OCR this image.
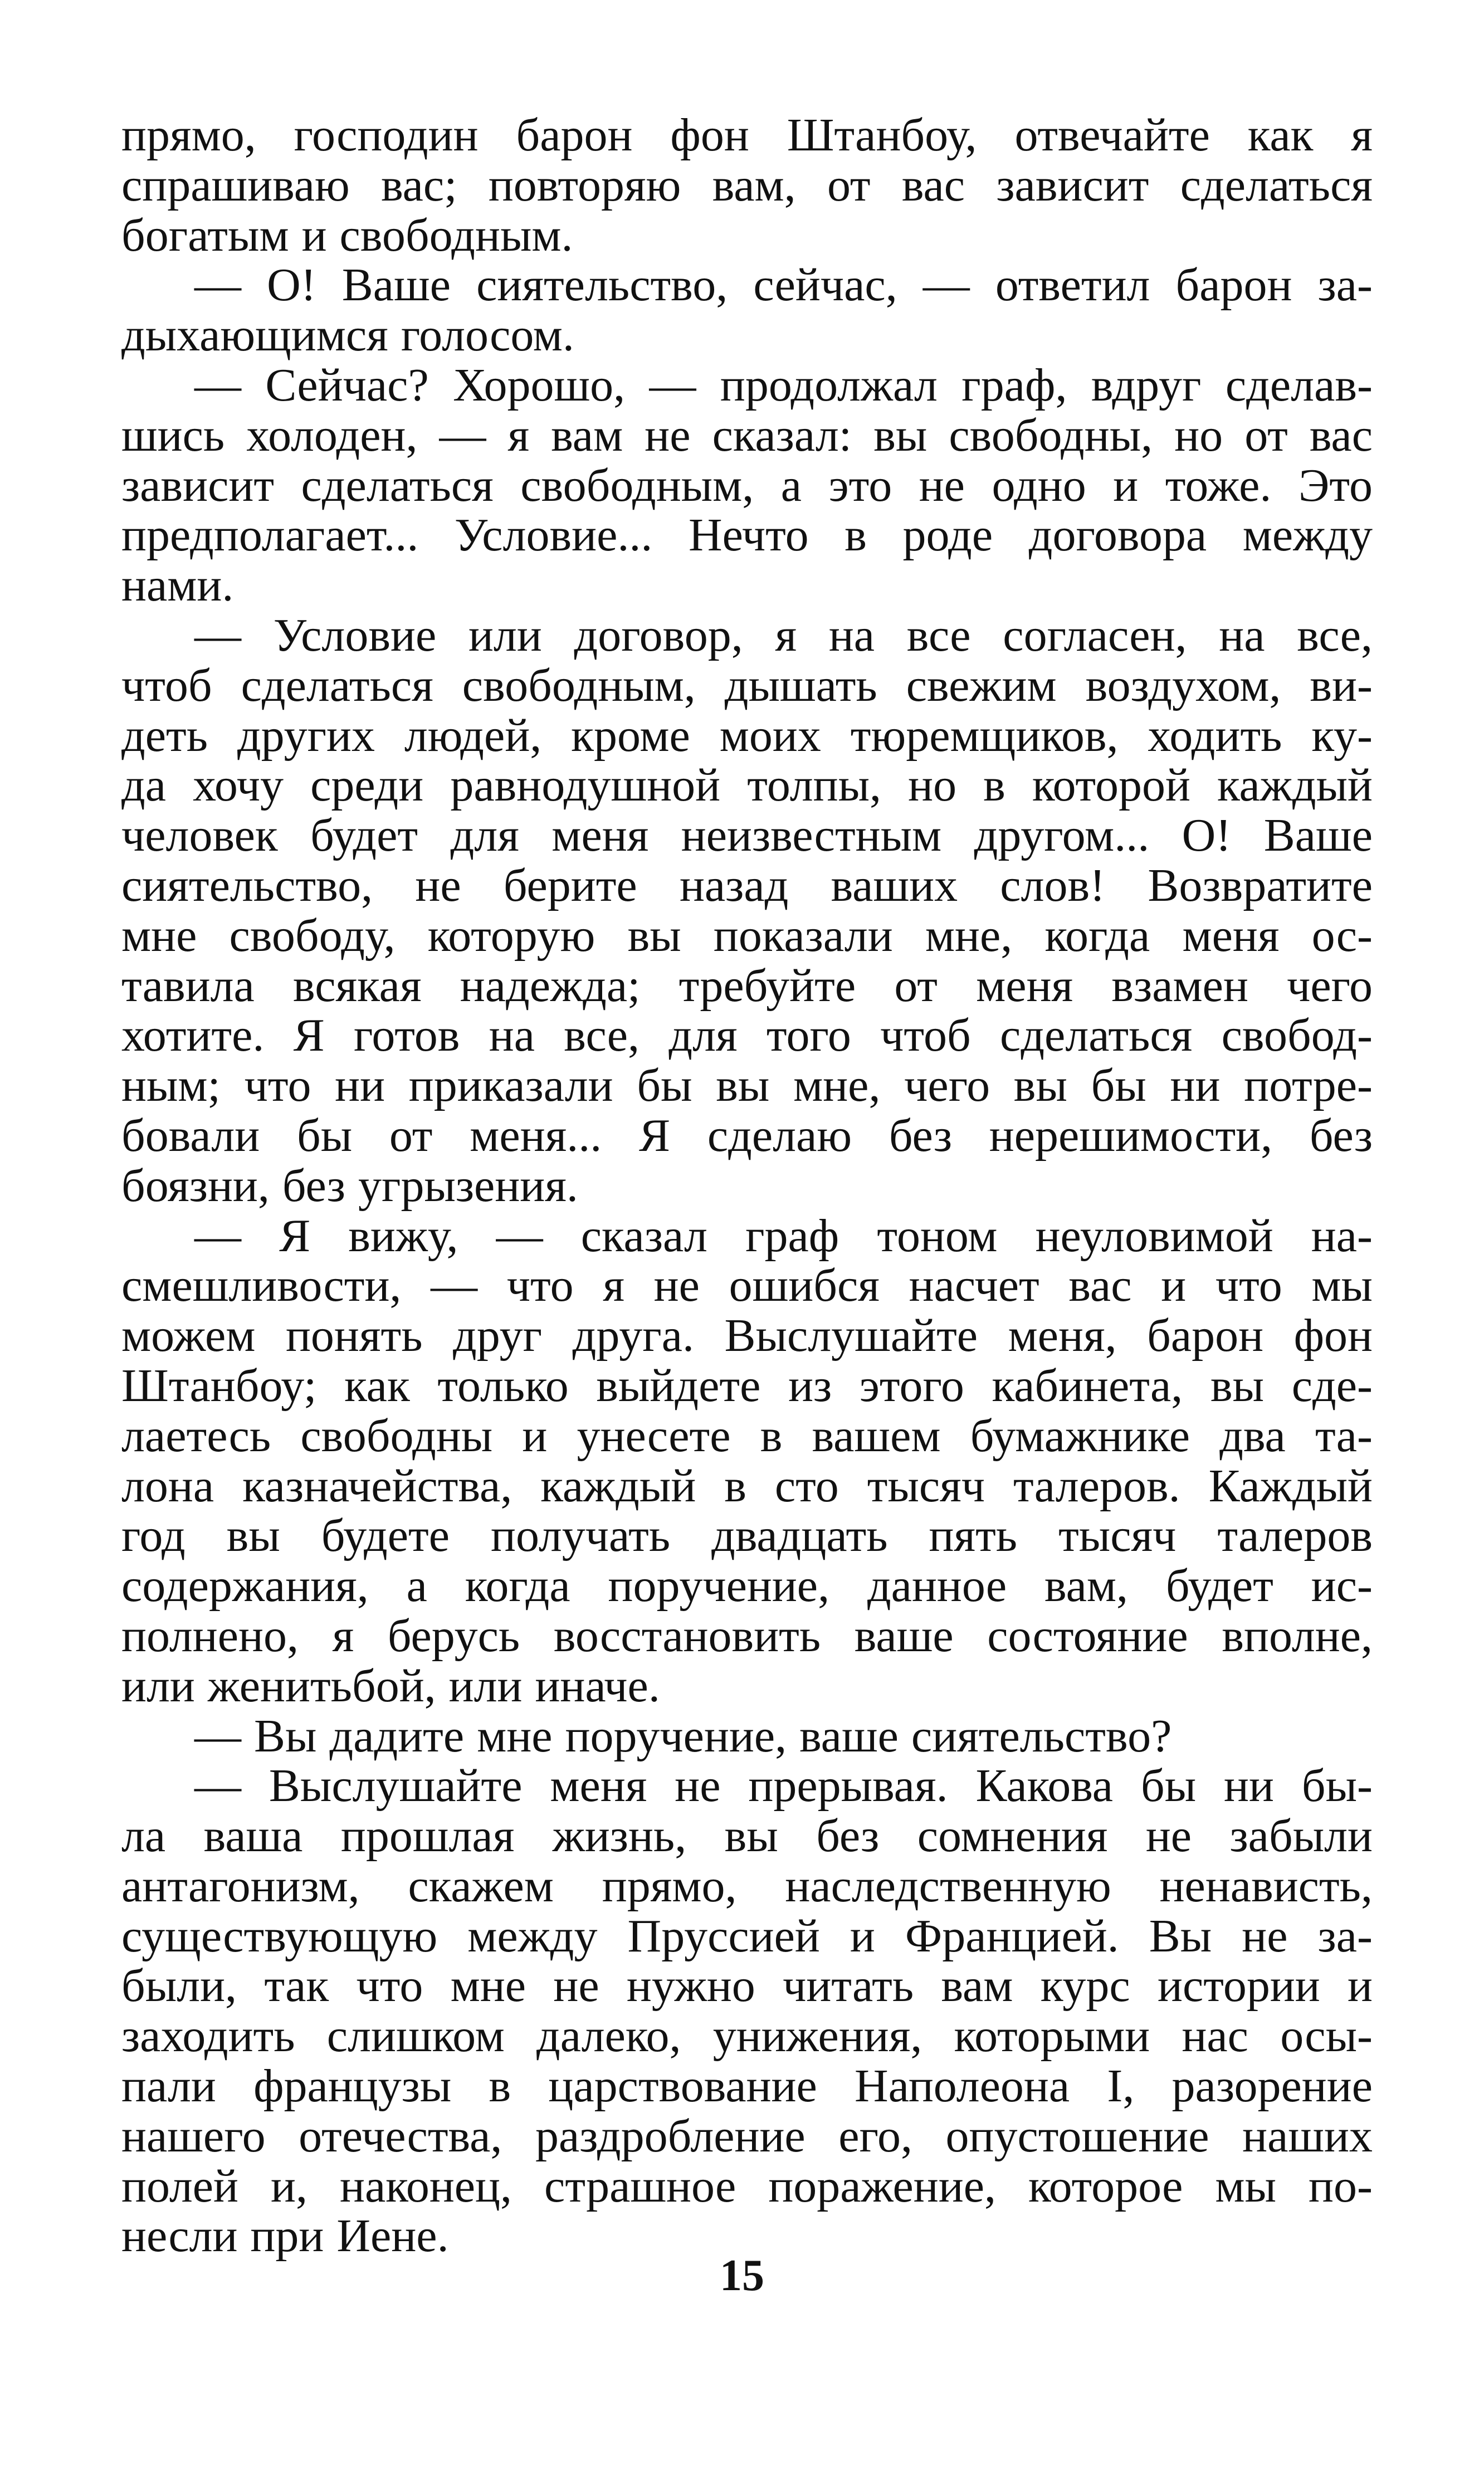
прямо, господин барон фон Штанбоу, отвечайте как я
спрашиваю вас; повторяю вам, от вас зависит сделаться
богатым и свободным.

— О! Ваше сиятельство, сейчас, — ответил барон за-
дыхающимся голосом.

— Сейчас? Хорошо, — продолжал граф, вдруг сделав-
шись холоден, — я вам не сказал: вы свободны, но от вас
зависит сделаться свободным, а это не одно и тоже. Это
предполагает... Условие... Нечто в роде договора между
нами.

— Условие или договор, я на все согласен, на все,
чтоб сделаться свободным, дышать свежим воздухом, ви-
деть других людей, кроме моих тюремщиков, ходить ку-
да хочу среди равнодушной толпы, но в которой каждый
человек будет для меня неизвестным другом... О! Ваше
сиятельство, не берите назад ваших слов! Возвратите
мне свободу, которую вы показали мне, когда меня ос-
тавила всякая надежда; требуйте от меня взамен чего
хотите. Я готов на все, для того чтоб сделаться свобод-
ным; что ни приказали бы вы мне, чего вы бы ни потре-
бовали бы от меня... Я сделаю без нерешимости, без
боязни, без угрызения.

— Я вижу, — сказал граф тоном неуловимой на-
смешливости, — что я не ошибся насчет вас и что мы
можем понять друг друга. Выслушайте меня, барон фон
Штанбоу; как только выйдете из этого кабинета, вы сде-
лаетесь свободны и унесете в вашем бумажнике два та-
лона казначейства, каждый в сто тысяч талеров. Каждый
год вы будете получать двадцать пять тысяч талеров
содержания, а когда поручение, данное вам, будет ис-
полнено, я берусь восстановить ваше состояние вполне,
или женитьбой, или иначе.

— Вы дадите мне поручение, ваше сиятельство?

— Выслушайте меня не прерывая. Какова бы ни бы-
ла ваша прошлая жизнь, вы без сомнения не забыли
антагонизм, скажем прямо, наследственную ненависть,
существующую между Пруссией и Францией. Вы не за-
были, так что мне не нужно читать вам курс истории и
заходить слишком далеко, унижения, которыми нас осы-
пали французы в царствование Наполеона I, разорение
нашего отечества, раздробление его, опустошение наших
полей и, наконец, страшное поражение, которое мы по-
несли при Иене.

15
